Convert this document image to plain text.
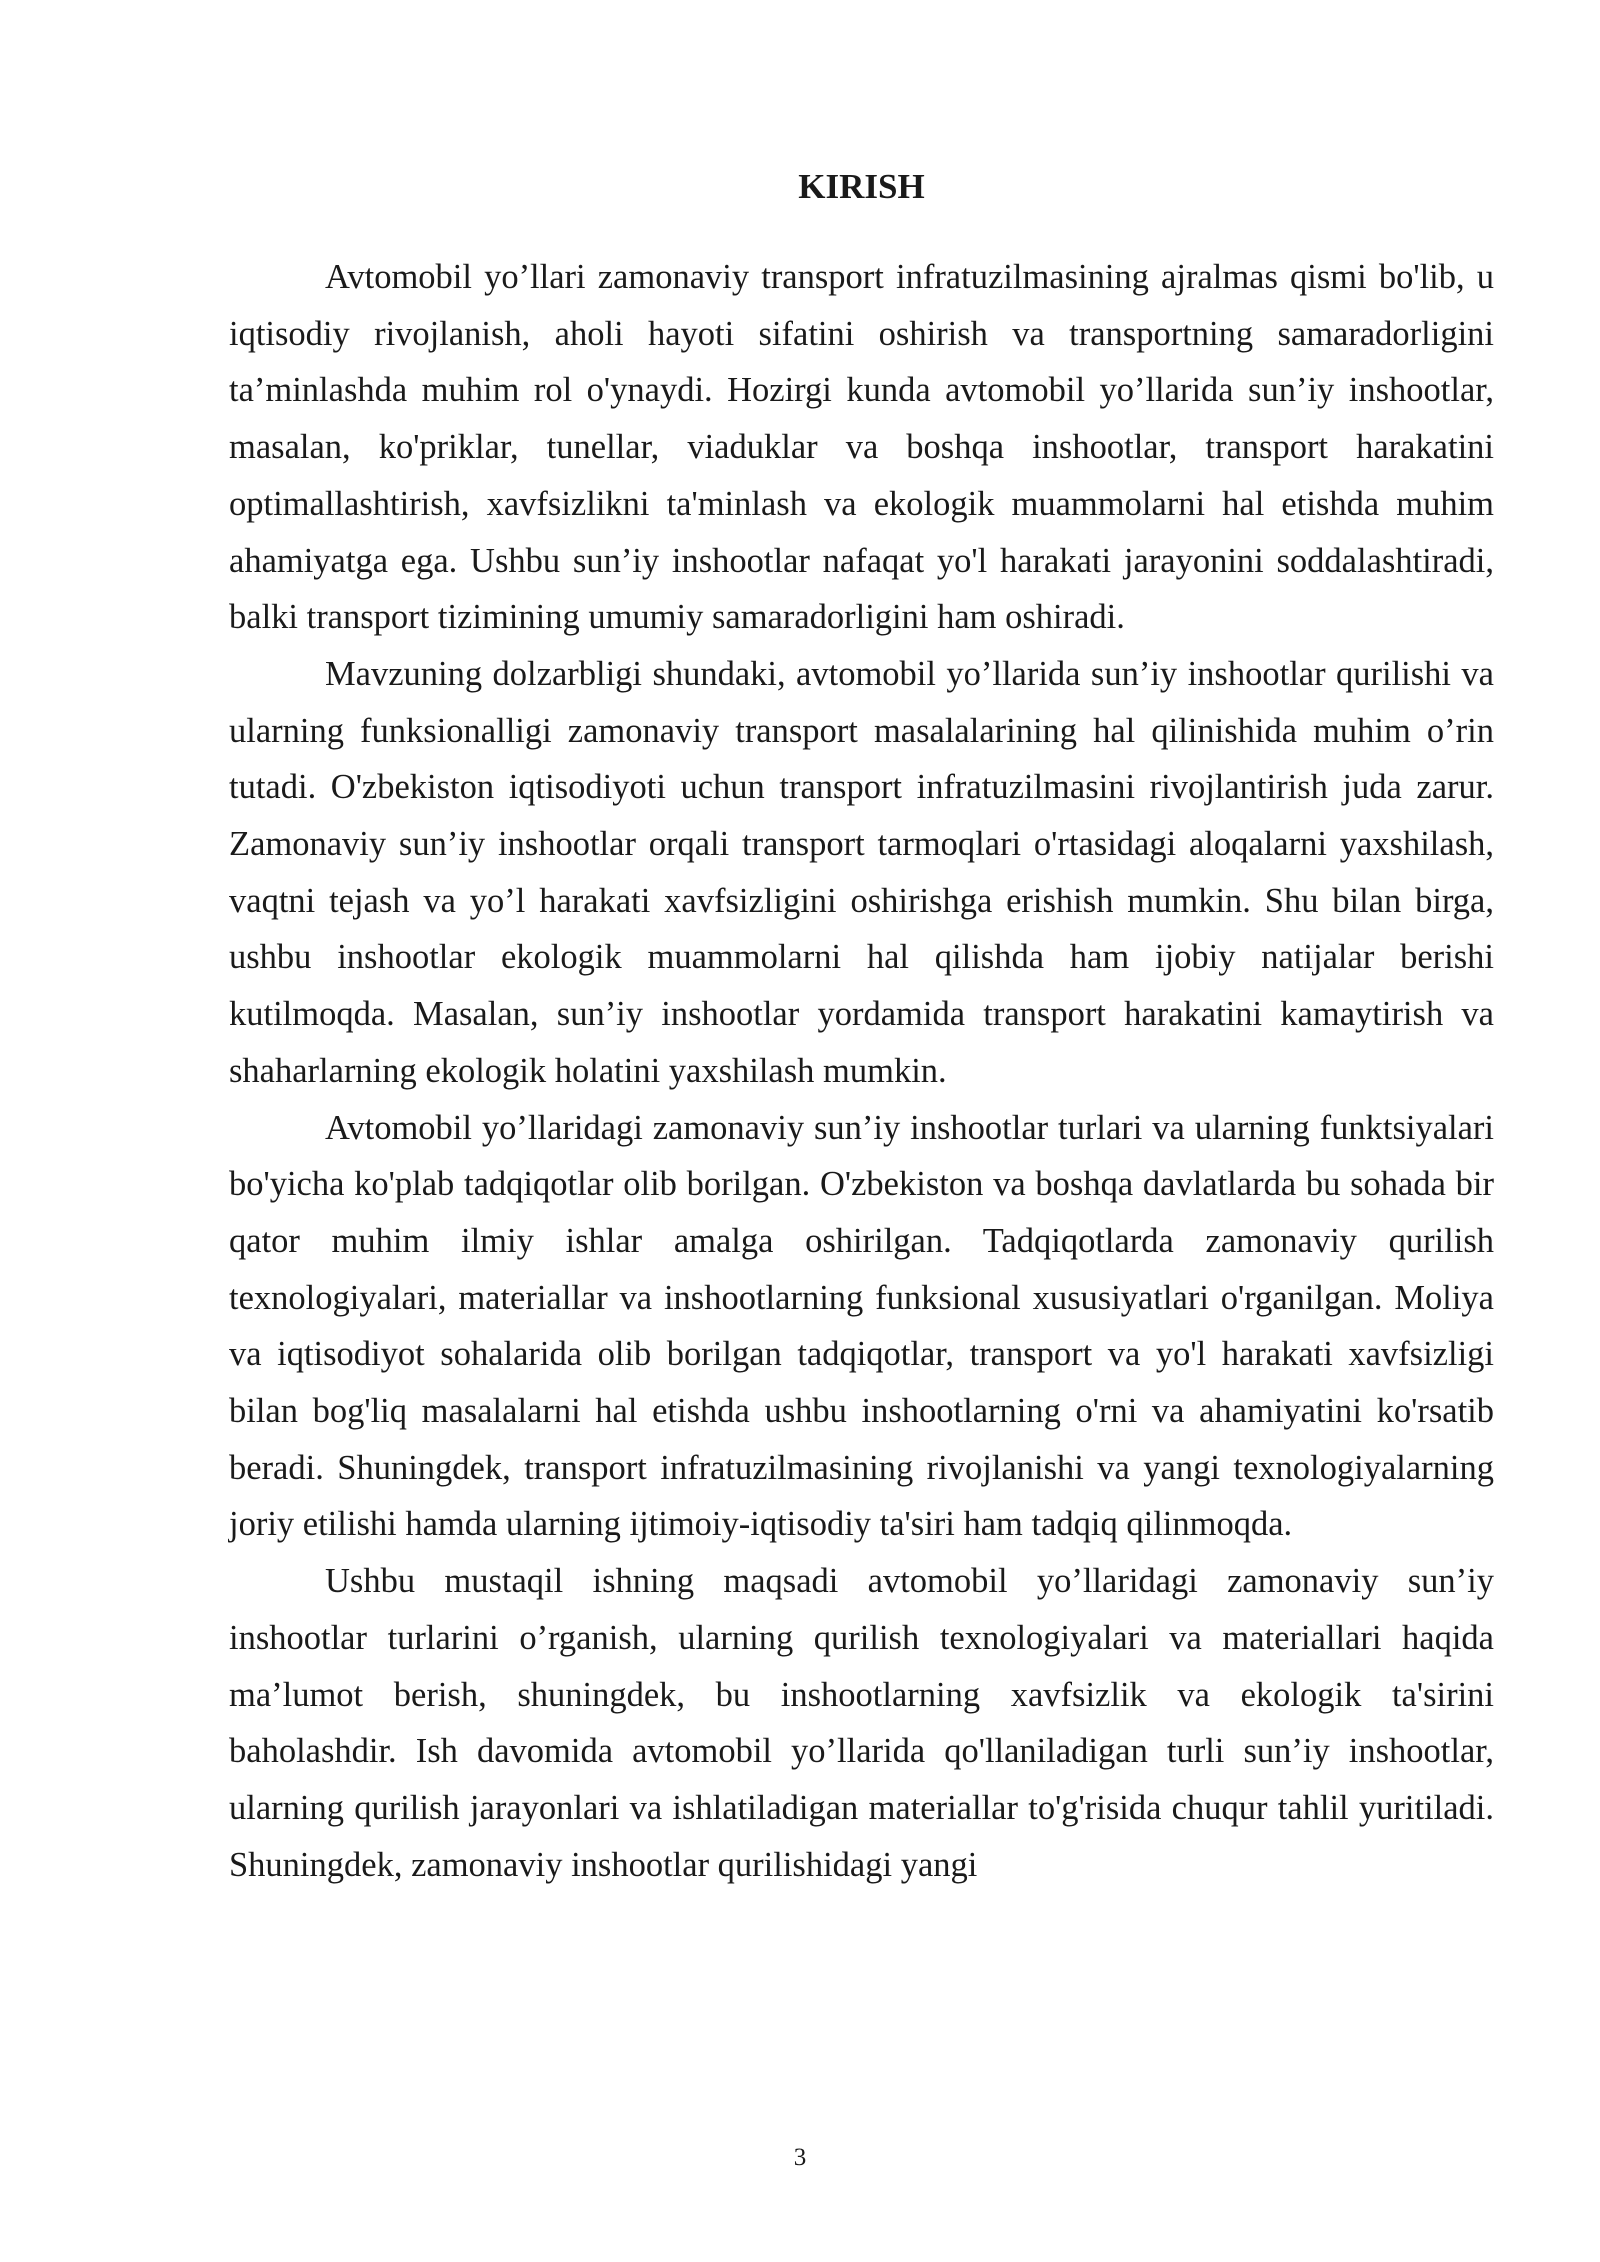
KIRISH

Avtomobil yo’llari zamonaviy transport infratuzilmasining ajralmas qismi bo'lib, u iqtisodiy rivojlanish, aholi hayoti sifatini oshirish va transportning samaradorligini ta’minlashda muhim rol o'ynaydi. Hozirgi kunda avtomobil yo’llarida sun’iy inshootlar, masalan, ko'priklar, tunellar, viaduklar va boshqa inshootlar, transport harakatini optimallashtirish, xavfsizlikni ta'minlash va ekologik muammolarni hal etishda muhim ahamiyatga ega. Ushbu sun’iy inshootlar nafaqat yo'l harakati jarayonini soddalashtiradi, balki transport tizimining umumiy samaradorligini ham oshiradi.

Mavzuning dolzarbligi shundaki, avtomobil yo’llarida sun’iy inshootlar qurilishi va ularning funksionalligi zamonaviy transport masalalarining hal qilinishida muhim o’rin tutadi. O'zbekiston iqtisodiyoti uchun transport infratuzilmasini rivojlantirish juda zarur. Zamonaviy sun’iy inshootlar orqali transport tarmoqlari o'rtasidagi aloqalarni yaxshilash, vaqtni tejash va yo’l harakati xavfsizligini oshirishga erishish mumkin. Shu bilan birga, ushbu inshootlar ekologik muammolarni hal qilishda ham ijobiy natijalar berishi kutilmoqda. Masalan, sun’iy inshootlar yordamida transport harakatini kamaytirish va shaharlarning ekologik holatini yaxshilash mumkin.

Avtomobil yo’llaridagi zamonaviy sun’iy inshootlar turlari va ularning funktsiyalari bo'yicha ko'plab tadqiqotlar olib borilgan. O'zbekiston va boshqa davlatlarda bu sohada bir qator muhim ilmiy ishlar amalga oshirilgan. Tadqiqotlarda zamonaviy qurilish texnologiyalari, materiallar va inshootlarning funksional xususiyatlari o'rganilgan. Moliya va iqtisodiyot sohalarida olib borilgan tadqiqotlar, transport va yo'l harakati xavfsizligi bilan bog'liq masalalarni hal etishda ushbu inshootlarning o'rni va ahamiyatini ko'rsatib beradi. Shuningdek, transport infratuzilmasining rivojlanishi va yangi texnologiyalarning joriy etilishi hamda ularning ijtimoiy-iqtisodiy ta'siri ham tadqiq qilinmoqda.

Ushbu mustaqil ishning maqsadi avtomobil yo’llaridagi zamonaviy sun’iy inshootlar turlarini o’rganish, ularning qurilish texnologiyalari va materiallari haqida ma’lumot berish, shuningdek, bu inshootlarning xavfsizlik va ekologik ta'sirini baholashdir. Ish davomida avtomobil yo’llarida qo'llaniladigan turli sun’iy inshootlar, ularning qurilish jarayonlari va ishlatiladigan materiallar to'g'risida chuqur tahlil yuritiladi. Shuningdek, zamonaviy inshootlar qurilishidagi yangi

3
